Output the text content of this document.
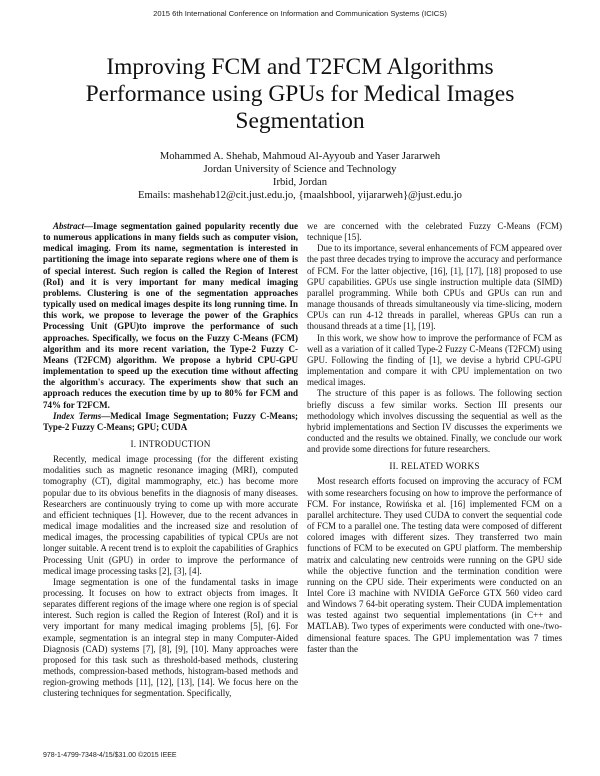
2015 6th International Conference on Information and Communication Systems (ICICS)
Improving FCM and T2FCM Algorithms
Performance using GPUs for Medical Images
Segmentation
Mohammed A. Shehab, Mahmoud Al-Ayyoub and Yaser Jararweh
Jordan University of Science and Technology
Irbid, Jordan
Emails: mashehab12@cit.just.edu.jo, {maalshbool, yijararweh}@just.edu.jo

Abstract—Image segmentation gained popularity recently due to numerous applications in many fields such as computer vision, medical imaging. From its name, segmentation is interested in partitioning the image into separate regions where one of them is of special interest. Such region is called the Region of Interest (RoI) and it is very important for many medical imaging problems. Clustering is one of the segmentation approaches typically used on medical images despite its long running time. In this work, we propose to leverage the power of the Graphics Processing Unit (GPU)to improve the performance of such approaches. Specifically, we focus on the Fuzzy C-Means (FCM) algorithm and its more recent variation, the Type-2 Fuzzy C-Means (T2FCM) algorithm. We propose a hybrid CPU-GPU implementation to speed up the execution time without affecting the algorithm's accuracy. The experiments show that such an approach reduces the execution time by up to 80% for FCM and 74% for T2FCM.

Index Terms—Medical Image Segmentation; Fuzzy C-Means; Type-2 Fuzzy C-Means; GPU; CUDA

I. INTRODUCTION

Recently, medical image processing (for the different existing modalities such as magnetic resonance imaging (MRI), computed tomography (CT), digital mammography, etc.) has become more popular due to its obvious benefits in the diagnosis of many diseases. Researchers are continuously trying to come up with more accurate and efficient techniques [1]. However, due to the recent advances in medical image modalities and the increased size and resolution of medical images, the processing capabilities of typical CPUs are not longer suitable. A recent trend is to exploit the capabilities of Graphics Processing Unit (GPU) in order to improve the performance of medical image processing tasks [2], [3], [4].

Image segmentation is one of the fundamental tasks in image processing. It focuses on how to extract objects from images. It separates different regions of the image where one region is of special interest. Such region is called the Region of Interest (RoI) and it is very important for many medical imaging problems [5], [6]. For example, segmentation is an integral step in many Computer-Aided Diagnosis (CAD) systems [7], [8], [9], [10]. Many approaches were proposed for this task such as threshold-based methods, clustering methods, compression-based methods, histogram-based methods and region-growing methods [11], [12], [13], [14]. We focus here on the clustering techniques for segmentation. Specifically,

we are concerned with the celebrated Fuzzy C-Means (FCM) technique [15].

Due to its importance, several enhancements of FCM appeared over the past three decades trying to improve the accuracy and performance of FCM. For the latter objective, [16], [1], [17], [18] proposed to use GPU capabilities. GPUs use single instruction multiple data (SIMD) parallel programming. While both CPUs and GPUs can run and manage thousands of threads simultaneously via time-slicing, modern CPUs can run 4-12 threads in parallel, whereas GPUs can run a thousand threads at a time [1], [19].

In this work, we show how to improve the performance of FCM as well as a variation of it called Type-2 Fuzzy C-Means (T2FCM) using GPU. Following the finding of [1], we devise a hybrid CPU-GPU implementation and compare it with CPU implementation on two medical images.

The structure of this paper is as follows. The following section briefly discuss a few similar works. Section III presents our methodology which involves discussing the sequential as well as the hybrid implementations and Section IV discusses the experiments we conducted and the results we obtained. Finally, we conclude our work and provide some directions for future researchers.

II. RELATED WORKS

Most research efforts focused on improving the accuracy of FCM with some researchers focusing on how to improve the performance of FCM. For instance, Rowińska et al. [16] implemented FCM on a parallel architecture. They used CUDA to convert the sequential code of FCM to a parallel one. The testing data were composed of different colored images with different sizes. They transferred two main functions of FCM to be executed on GPU platform. The membership matrix and calculating new centroids were running on the GPU side while the objective function and the termination condition were running on the CPU side. Their experiments were conducted on an Intel Core i3 machine with NVIDIA GeForce GTX 560 video card and Windows 7 64-bit operating system. Their CUDA implementation was tested against two sequential implementations (in C++ and MATLAB). Two types of experiments were conducted with one-/two-dimensional feature spaces. The GPU implementation was 7 times faster than the

978-1-4799-7348-4/15/$31.00 ©2015 IEEE
